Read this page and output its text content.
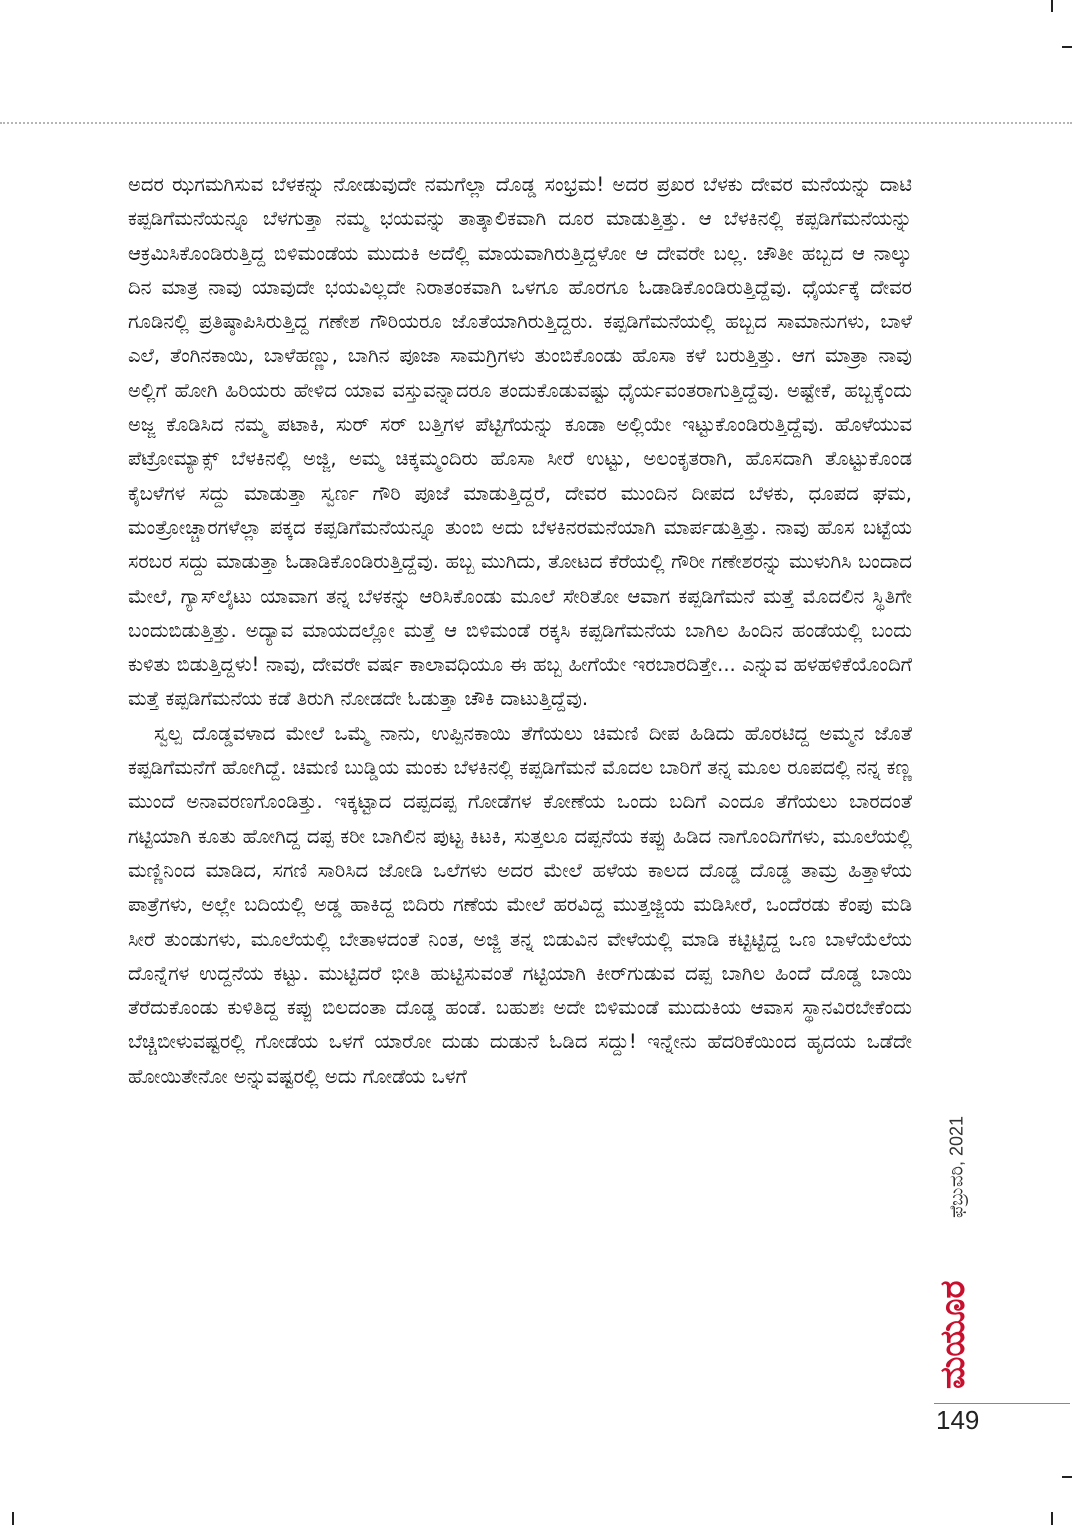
ಅದರ ಝಗಮಗಿಸುವ ಬೆಳಕನ್ನು ನೋಡುವುದೇ ನಮಗೆಲ್ಲಾ ದೊಡ್ಡ ಸಂಭ್ರಮ! ಅದರ ಪ್ರಖರ ಬೆಳಕು ದೇವರ ಮನೆಯನ್ನು ದಾಟಿ ಕಪ್ಪಡಿಗೆಮನೆಯನ್ನೂ ಬೆಳಗುತ್ತಾ ನಮ್ಮ ಭಯವನ್ನು ತಾತ್ಕಾಲಿಕವಾಗಿ ದೂರ ಮಾಡುತ್ತಿತ್ತು. ಆ ಬೆಳಕಿನಲ್ಲಿ ಕಪ್ಪಡಿಗೆಮನೆಯನ್ನು ಆಕ್ರಮಿಸಿಕೊಂಡಿರುತ್ತಿದ್ದ ಬಿಳಿಮಂಡೆಯ ಮುದುಕಿ ಅದೆಲ್ಲಿ ಮಾಯವಾಗಿರುತ್ತಿದ್ದಳೋ ಆ ದೇವರೇ ಬಲ್ಲ. ಚೌತೀ ಹಬ್ಬದ ಆ ನಾಲ್ಕು ದಿನ ಮಾತ್ರ ನಾವು ಯಾವುದೇ ಭಯವಿಲ್ಲದೇ ನಿರಾತಂಕವಾಗಿ ಒಳಗೂ ಹೊರಗೂ ಓಡಾಡಿಕೊಂಡಿರುತ್ತಿದ್ದೆವು. ಧೈರ್ಯಕ್ಕೆ ದೇವರ ಗೂಡಿನಲ್ಲಿ ಪ್ರತಿಷ್ಠಾಪಿಸಿರುತ್ತಿದ್ದ ಗಣೇಶ ಗೌರಿಯರೂ ಜೊತೆಯಾಗಿರುತ್ತಿದ್ದರು. ಕಪ್ಪಡಿಗೆಮನೆಯಲ್ಲಿ ಹಬ್ಬದ ಸಾಮಾನುಗಳು, ಬಾಳೆ ಎಲೆ, ತೆಂಗಿನಕಾಯಿ, ಬಾಳೆಹಣ್ಣು, ಬಾಗಿನ ಪೂಜಾ ಸಾಮಗ್ರಿಗಳು ತುಂಬಿಕೊಂಡು ಹೊಸಾ ಕಳೆ ಬರುತ್ತಿತ್ತು. ಆಗ ಮಾತ್ರಾ ನಾವು ಅಲ್ಲಿಗೆ ಹೋಗಿ ಹಿರಿಯರು ಹೇಳಿದ ಯಾವ ವಸ್ತುವನ್ನಾದರೂ ತಂದುಕೊಡುವಷ್ಟು ಧೈರ್ಯವಂತರಾಗುತ್ತಿದ್ದೆವು. ಅಷ್ಟೇಕೆ, ಹಬ್ಬಕ್ಕೆಂದು ಅಜ್ಜ ಕೊಡಿಸಿದ ನಮ್ಮ ಪಟಾಕಿ, ಸುರ್ ಸರ್ ಬತ್ತಿಗಳ ಪೆಟ್ಟಿಗೆಯನ್ನು ಕೂಡಾ ಅಲ್ಲಿಯೇ ಇಟ್ಟುಕೊಂಡಿರುತ್ತಿದ್ದೆವು. ಹೊಳೆಯುವ ಪೆಟ್ರೋಮ್ಯಾಕ್ಸ್ ಬೆಳಕಿನಲ್ಲಿ ಅಜ್ಜಿ, ಅಮ್ಮ ಚಿಕ್ಕಮ್ಮಂದಿರು ಹೊಸಾ ಸೀರೆ ಉಟ್ಟು, ಅಲಂಕೃತರಾಗಿ, ಹೊಸದಾಗಿ ತೊಟ್ಟುಕೊಂಡ ಕೈಬಳೆಗಳ ಸದ್ದು ಮಾಡುತ್ತಾ ಸ್ವರ್ಣ ಗೌರಿ ಪೂಜೆ ಮಾಡುತ್ತಿದ್ದರೆ, ದೇವರ ಮುಂದಿನ ದೀಪದ ಬೆಳಕು, ಧೂಪದ ಘಮ, ಮಂತ್ರೋಚ್ಚಾರಗಳೆಲ್ಲಾ ಪಕ್ಕದ ಕಪ್ಪಡಿಗೆಮನೆಯನ್ನೂ ತುಂಬಿ ಅದು ಬೆಳಕಿನರಮನೆಯಾಗಿ ಮಾರ್ಪಡುತ್ತಿತ್ತು. ನಾವು ಹೊಸ ಬಟ್ಟೆಯ ಸರಬರ ಸದ್ದು ಮಾಡುತ್ತಾ ಓಡಾಡಿಕೊಂಡಿರುತ್ತಿದ್ದೆವು. ಹಬ್ಬ ಮುಗಿದು, ತೋಟದ ಕೆರೆಯಲ್ಲಿ ಗೌರೀ ಗಣೇಶರನ್ನು ಮುಳುಗಿಸಿ ಬಂದಾದ ಮೇಲೆ, ಗ್ಯಾಸ್‌ಲೈಟು ಯಾವಾಗ ತನ್ನ ಬೆಳಕನ್ನು ಆರಿಸಿಕೊಂಡು ಮೂಲೆ ಸೇರಿತೋ ಆವಾಗ ಕಪ್ಪಡಿಗೆಮನೆ ಮತ್ತೆ ಮೊದಲಿನ ಸ್ಥಿತಿಗೇ ಬಂದುಬಿಡುತ್ತಿತ್ತು. ಅದ್ಯಾವ ಮಾಯದಲ್ಲೋ ಮತ್ತೆ ಆ ಬಿಳಿಮಂಡೆ ರಕ್ಕಸಿ ಕಪ್ಪಡಿಗೆಮನೆಯ ಬಾಗಿಲ ಹಿಂದಿನ ಹಂಡೆಯಲ್ಲಿ ಬಂದು ಕುಳಿತು ಬಿಡುತ್ತಿದ್ದಳು! ನಾವು, ದೇವರೇ ವರ್ಷ ಕಾಲಾವಧಿಯೂ ಈ ಹಬ್ಬ ಹೀಗೆಯೇ ಇರಬಾರದಿತ್ತೇ... ಎನ್ನುವ ಹಳಹಳಿಕೆಯೊಂದಿಗೆ ಮತ್ತೆ ಕಪ್ಪಡಿಗೆಮನೆಯ ಕಡೆ ತಿರುಗಿ ನೋಡದೇ ಓಡುತ್ತಾ ಚೌಕಿ ದಾಟುತ್ತಿದ್ದೆವು.

ಸ್ವಲ್ಪ ದೊಡ್ಡವಳಾದ ಮೇಲೆ ಒಮ್ಮೆ ನಾನು, ಉಪ್ಪಿನಕಾಯಿ ತೆಗೆಯಲು ಚಿಮಣಿ ದೀಪ ಹಿಡಿದು ಹೊರಟಿದ್ದ ಅಮ್ಮನ ಜೊತೆ ಕಪ್ಪಡಿಗೆಮನೆಗೆ ಹೋಗಿದ್ದೆ. ಚಿಮಣಿ ಬುಡ್ಡಿಯ ಮಂಕು ಬೆಳಕಿನಲ್ಲಿ ಕಪ್ಪಡಿಗೆಮನೆ ಮೊದಲ ಬಾರಿಗೆ ತನ್ನ ಮೂಲ ರೂಪದಲ್ಲಿ ನನ್ನ ಕಣ್ಣ ಮುಂದೆ ಅನಾವರಣಗೊಂಡಿತ್ತು. ಇಕ್ಕಟ್ಟಾದ ದಪ್ಪದಪ್ಪ ಗೋಡೆಗಳ ಕೋಣೆಯ ಒಂದು ಬದಿಗೆ ಎಂದೂ ತೆಗೆಯಲು ಬಾರದಂತೆ ಗಟ್ಟಿಯಾಗಿ ಕೂತು ಹೋಗಿದ್ದ ದಪ್ಪ ಕರೀ ಬಾಗಿಲಿನ ಪುಟ್ಟ ಕಿಟಕಿ, ಸುತ್ತಲೂ ದಪ್ಪನೆಯ ಕಪ್ಪು ಹಿಡಿದ ನಾಗೊಂದಿಗೆಗಳು, ಮೂಲೆಯಲ್ಲಿ ಮಣ್ಣಿನಿಂದ ಮಾಡಿದ, ಸಗಣಿ ಸಾರಿಸಿದ ಜೋಡಿ ಒಲೆಗಳು ಅದರ ಮೇಲೆ ಹಳೆಯ ಕಾಲದ ದೊಡ್ಡ ದೊಡ್ಡ ತಾಮ್ರ ಹಿತ್ತಾಳೆಯ ಪಾತ್ರೆಗಳು, ಅಲ್ಲೇ ಬದಿಯಲ್ಲಿ ಅಡ್ಡ ಹಾಕಿದ್ದ ಬಿದಿರು ಗಣೆಯ ಮೇಲೆ ಹರವಿದ್ದ ಮುತ್ತಜ್ಜಿಯ ಮಡಿಸೀರೆ, ಒಂದೆರಡು ಕೆಂಪು ಮಡಿ ಸೀರೆ ತುಂಡುಗಳು, ಮೂಲೆಯಲ್ಲಿ ಬೇತಾಳದಂತೆ ನಿಂತ, ಅಜ್ಜಿ ತನ್ನ ಬಿಡುವಿನ ವೇಳೆಯಲ್ಲಿ ಮಾಡಿ ಕಟ್ಟಿಟ್ಟಿದ್ದ ಒಣ ಬಾಳೆಯೆಲೆಯ ದೊನ್ನೆಗಳ ಉದ್ದನೆಯ ಕಟ್ಟು. ಮುಟ್ಟಿದರೆ ಭೀತಿ ಹುಟ್ಟಿಸುವಂತೆ ಗಟ್ಟಿಯಾಗಿ ಕೀರ್‌ಗುಡುವ ದಪ್ಪ ಬಾಗಿಲ ಹಿಂದೆ ದೊಡ್ಡ ಬಾಯಿ ತೆರೆದುಕೊಂಡು ಕುಳಿತಿದ್ದ ಕಪ್ಪು ಬಿಲದಂತಾ ದೊಡ್ಡ ಹಂಡೆ. ಬಹುಶಃ ಅದೇ ಬಿಳಿಮಂಡೆ ಮುದುಕಿಯ ಆವಾಸ ಸ್ಥಾನವಿರಬೇಕೆಂದು ಬೆಚ್ಚಿಬೀಳುವಷ್ಟರಲ್ಲಿ ಗೋಡೆಯ ಒಳಗೆ ಯಾರೋ ದುಡು ದುಡುನೆ ಓಡಿದ ಸದ್ದು! ಇನ್ನೇನು ಹೆದರಿಕೆಯಿಂದ ಹೃದಯ ಒಡೆದೇ ಹೋಯಿತೇನೋ ಅನ್ನುವಷ್ಟರಲ್ಲಿ ಅದು ಗೋಡೆಯ ಒಳಗೆ

ಫೆಬ್ರುವರಿ, 2021
ಮಯೂರ
149
